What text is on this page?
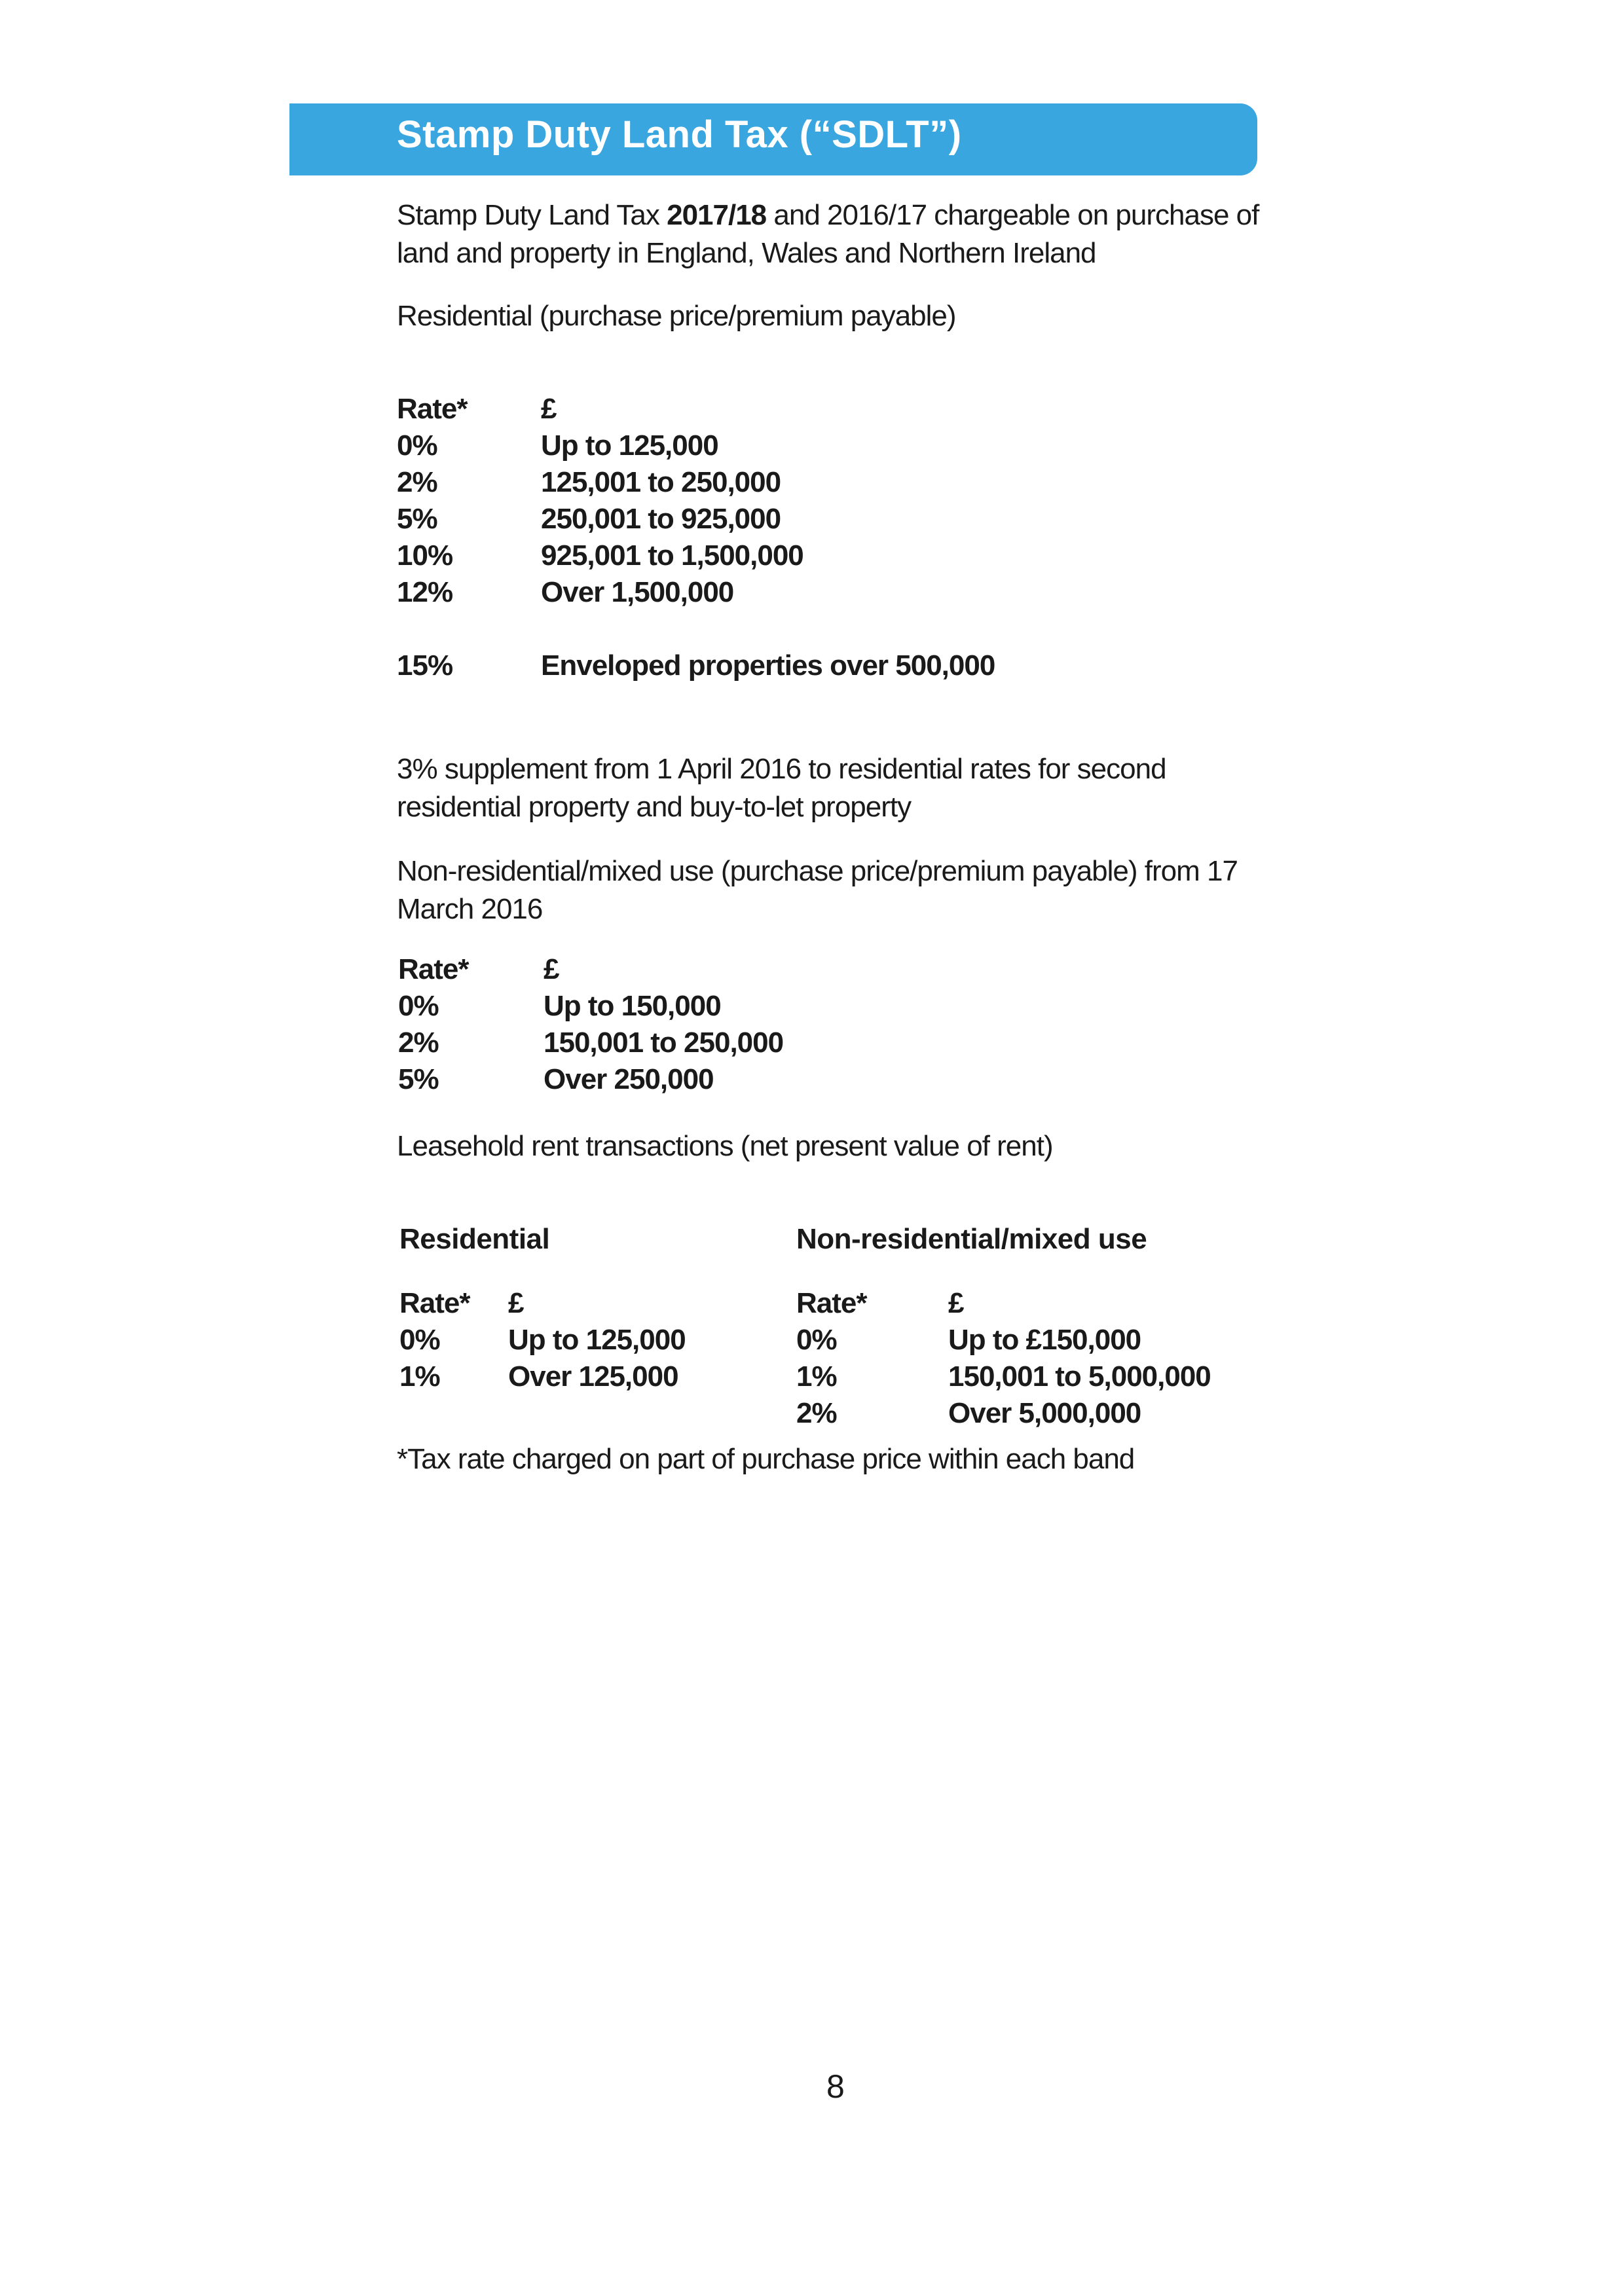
Stamp Duty Land Tax (“SDLT”)
Stamp Duty Land Tax 2017/18 and 2016/17 chargeable on purchase of land and property in England, Wales and Northern Ireland
Residential (purchase price/premium payable)
Rate*	£
0%	Up to 125,000
2%	125,001 to 250,000
5%	250,001 to 925,000
10%	925,001 to 1,500,000
12%	Over 1,500,000
15%	Enveloped properties over 500,000
3% supplement from 1 April 2016 to residential rates for second residential property and buy-to-let property
Non-residential/mixed use (purchase price/premium payable) from 17 March 2016
Rate*	£
0%	Up to 150,000
2%	150,001 to 250,000
5%	Over 250,000
Leasehold rent transactions (net present value of rent)
Residential
Rate* £
0% Up to 125,000
1% Over 125,000
Non-residential/mixed use
Rate*	£
0%	Up to £150,000
1%	150,001 to 5,000,000
2%	Over 5,000,000
*Tax rate charged on part of purchase price within each band
8
